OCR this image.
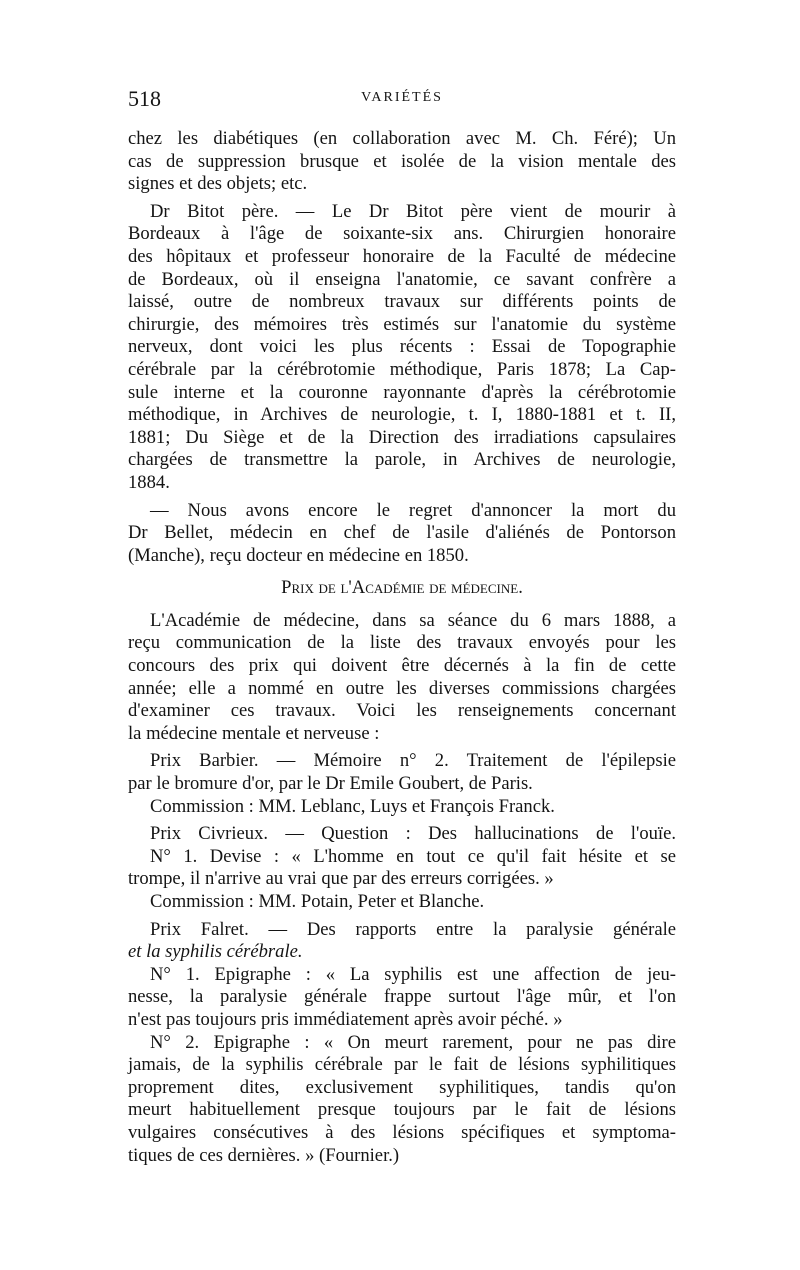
518	VARIÉTÉS
chez les diabétiques (en collaboration avec M. Ch. Féré); Un
cas de suppression brusque et isolée de la vision mentale des
signes et des objets; etc.
Dr Bitot père. — Le Dr Bitot père vient de mourir à
Bordeaux à l'âge de soixante-six ans. Chirurgien honoraire
des hôpitaux et professeur honoraire de la Faculté de médecine
de Bordeaux, où il enseigna l'anatomie, ce savant confrère a
laissé, outre de nombreux travaux sur différents points de
chirurgie, des mémoires très estimés sur l'anatomie du système
nerveux, dont voici les plus récents : Essai de Topographie
cérébrale par la cérébrotomie méthodique, Paris 1878; La Cap-
sule interne et la couronne rayonnante d'après la cérébrotomie
méthodique, in Archives de neurologie, t. I, 1880-1881 et t. II,
1881; Du Siège et de la Direction des irradiations capsulaires
chargées de transmettre la parole, in Archives de neurologie,
1884.
— Nous avons encore le regret d'annoncer la mort du
Dr Bellet, médecin en chef de l'asile d'aliénés de Pontorson
(Manche), reçu docteur en médecine en 1850.
Prix de l'Académie de médecine.
L'Académie de médecine, dans sa séance du 6 mars 1888, a
reçu communication de la liste des travaux envoyés pour les
concours des prix qui doivent être décernés à la fin de cette
année; elle a nommé en outre les diverses commissions chargées
d'examiner ces travaux. Voici les renseignements concernant
la médecine mentale et nerveuse :
Prix Barbier. — Mémoire n° 2. Traitement de l'épilepsie
par le bromure d'or, par le Dr Emile Goubert, de Paris.
Commission : MM. Leblanc, Luys et François Franck.
Prix Civrieux. — Question : Des hallucinations de l'ouïe.
N° 1. Devise : « L'homme en tout ce qu'il fait hésite et se
trompe, il n'arrive au vrai que par des erreurs corrigées. »
Commission : MM. Potain, Peter et Blanche.
Prix Falret. — Des rapports entre la paralysie générale
et la syphilis cérébrale.
N° 1. Epigraphe : « La syphilis est une affection de jeu-
nesse, la paralysie générale frappe surtout l'âge mûr, et l'on
n'est pas toujours pris immédiatement après avoir péché. »
N° 2. Epigraphe : « On meurt rarement, pour ne pas dire
jamais, de la syphilis cérébrale par le fait de lésions syphilitiques
proprement dites, exclusivement syphilitiques, tandis qu'on
meurt habituellement presque toujours par le fait de lésions
vulgaires consécutives à des lésions spécifiques et symptoma-
tiques de ces dernières. » (Fournier.)
